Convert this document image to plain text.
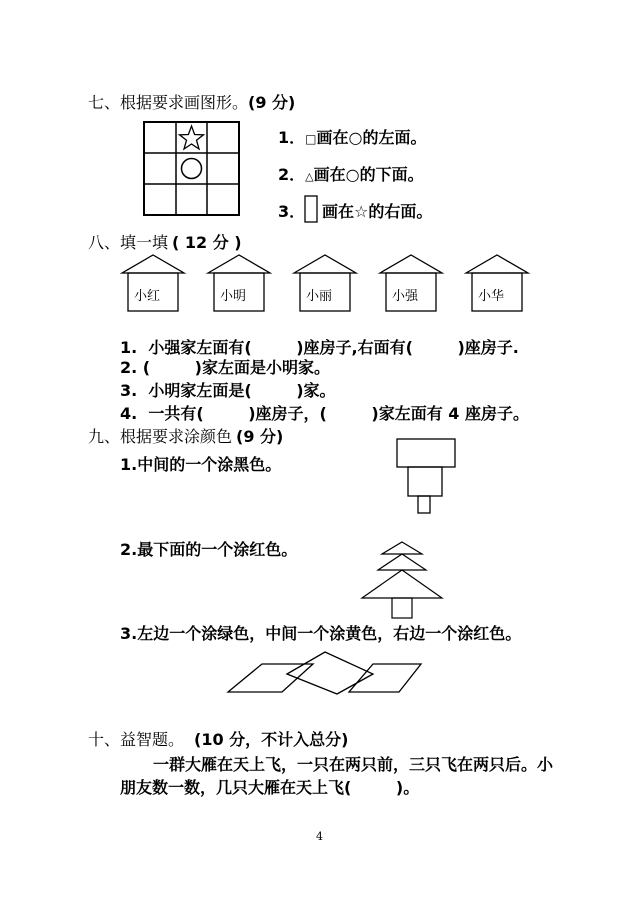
七、根据要求画图形。(9 分)
1．□画在○的左面。
2．△画在○的下面。
3． 画在☆的右面。
八、填一填 ( 12 分 )
小红	小明	小丽	小强	小华
1.  小强家左面有(        )座房子,右面有(        )座房子.
2. (        )家左面是小明家。
3.  小明家左面是(        )家。
4.  一共有(        )座房子，(        )家左面有 4 座房子。
九、根据要求涂颜色 (9 分)
1.中间的一个涂黑色。
2.最下面的一个涂红色。
3.左边一个涂绿色，中间一个涂黄色，右边一个涂红色。
十、益智题。 (10 分，不计入总分)
一群大雁在天上飞，一只在两只前，三只飞在两只后。小
朋友数一数，几只大雁在天上飞(        )。
4
